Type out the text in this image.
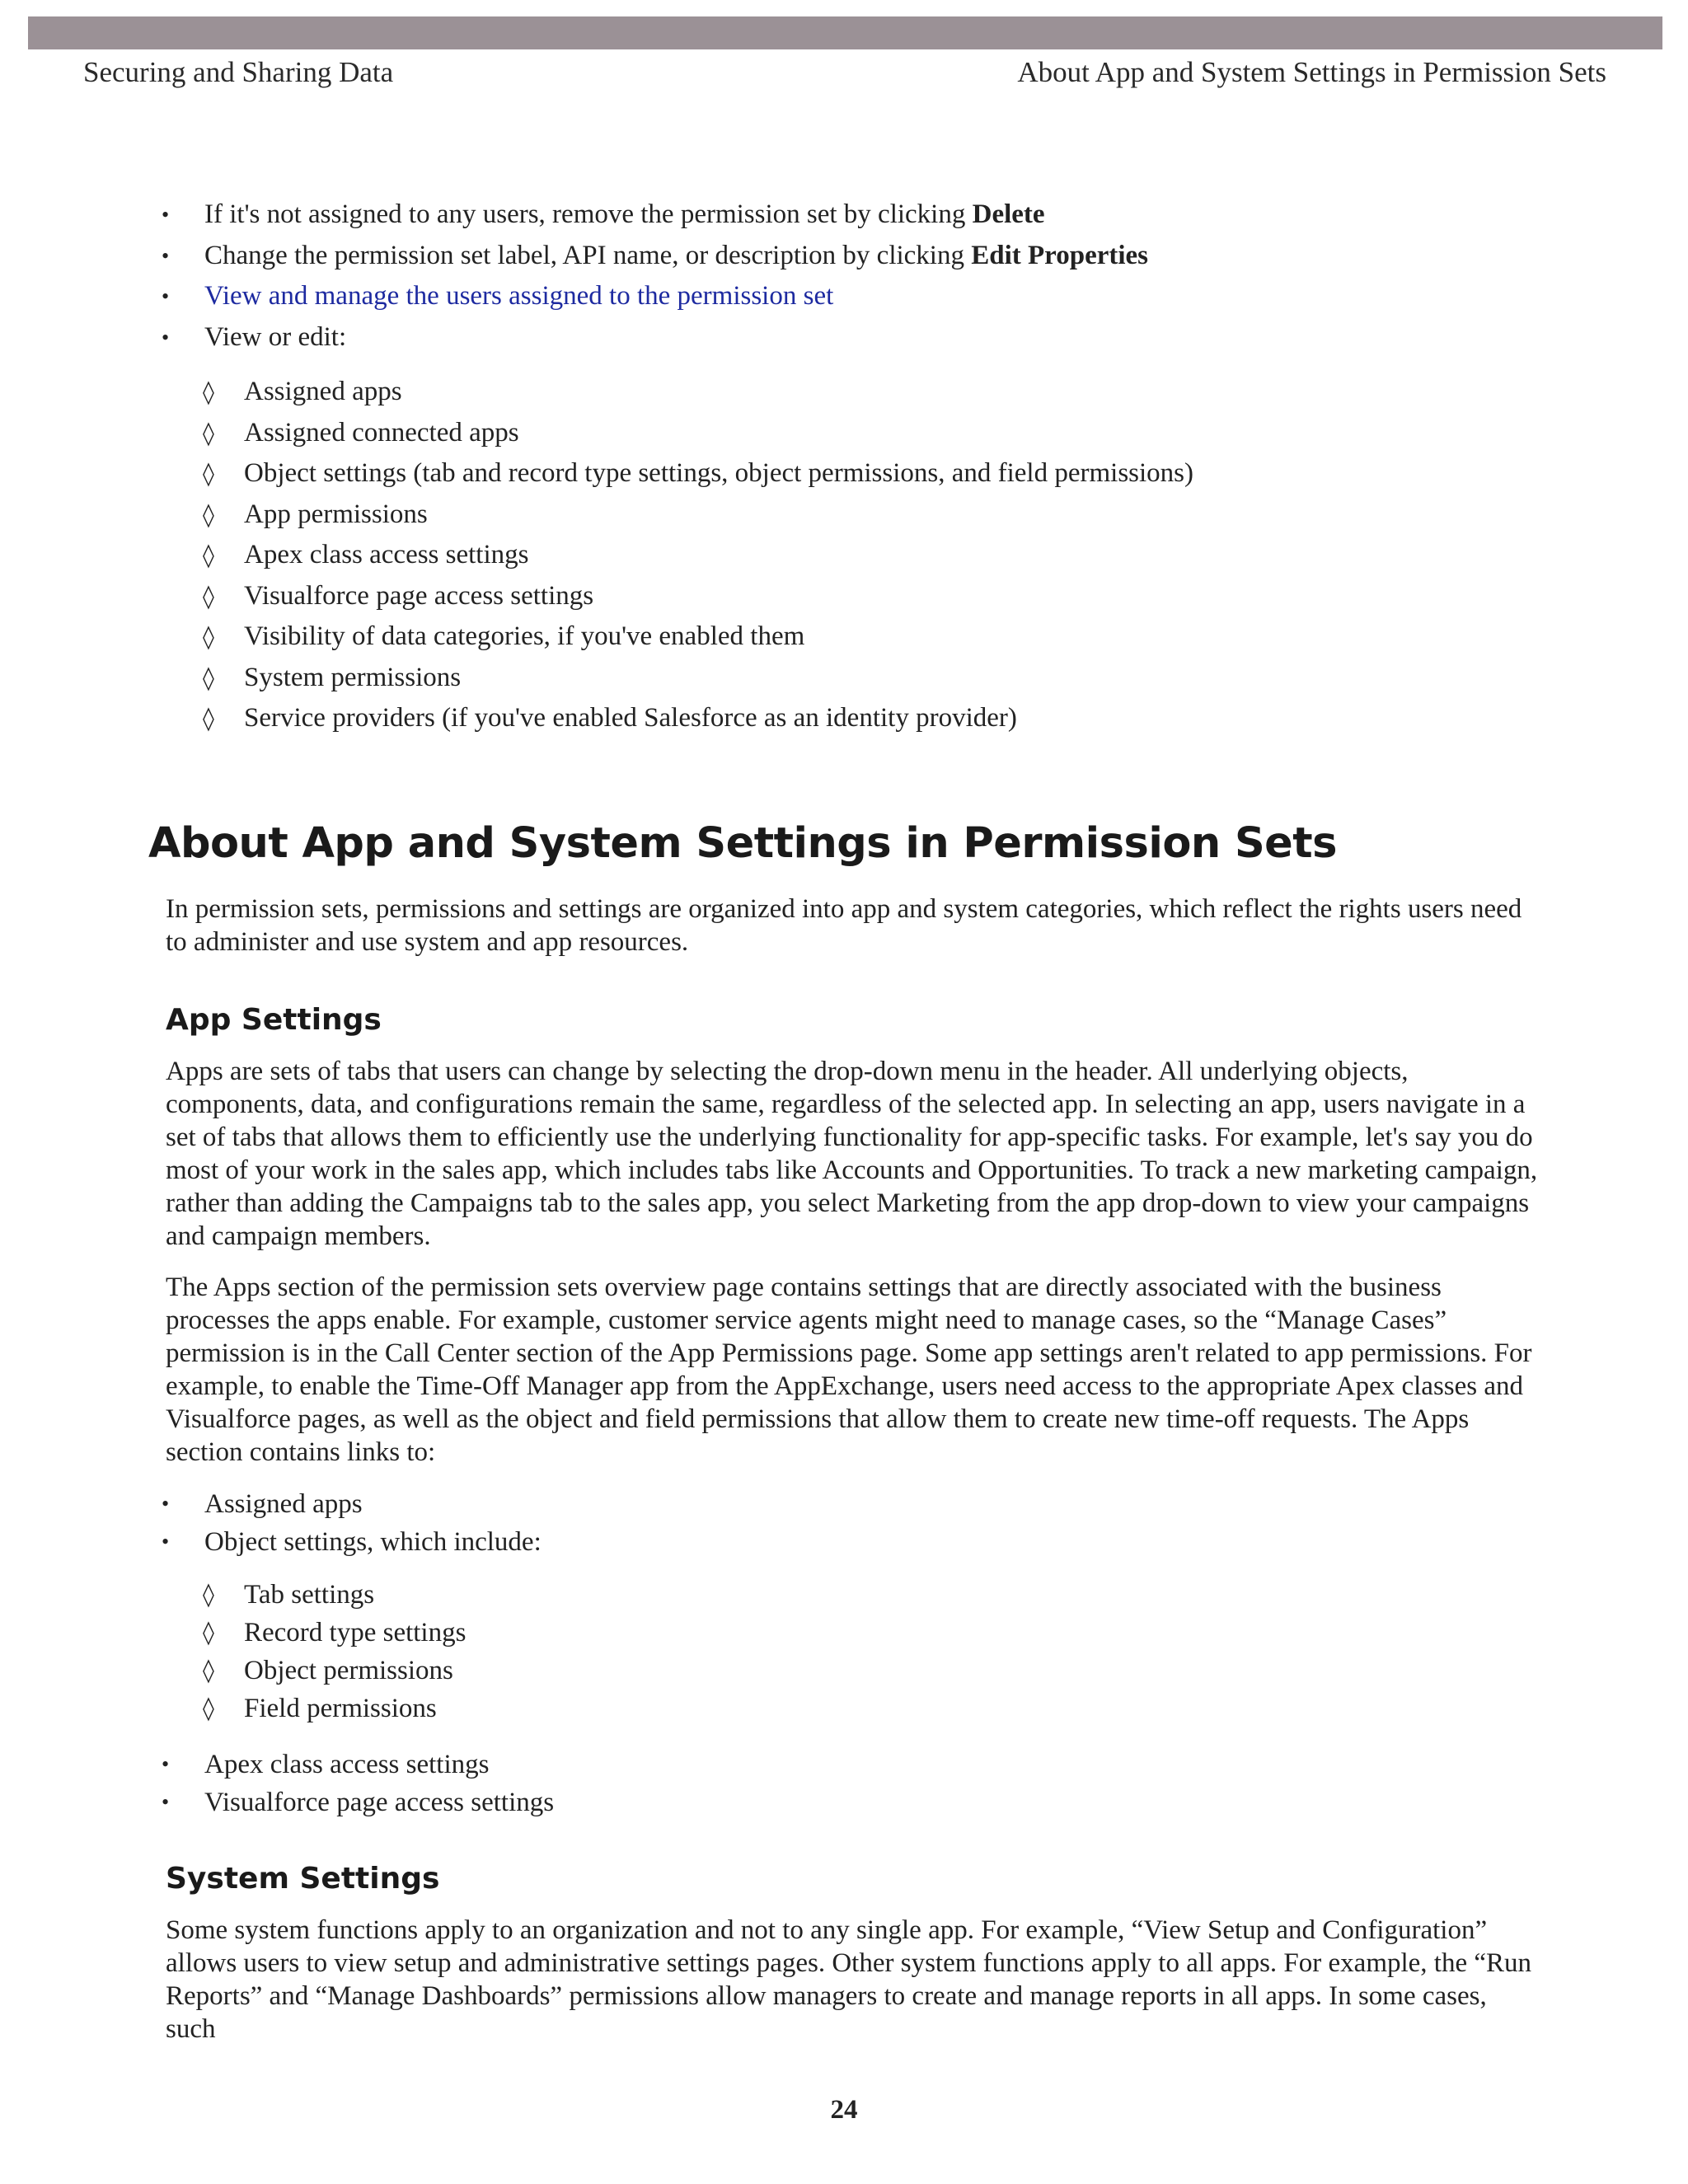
Securing and Sharing Data	About App and System Settings in Permission Sets
• If it's not assigned to any users, remove the permission set by clicking Delete
• Change the permission set label, API name, or description by clicking Edit Properties
• View and manage the users assigned to the permission set
• View or edit:
◊ Assigned apps
◊ Assigned connected apps
◊ Object settings (tab and record type settings, object permissions, and field permissions)
◊ App permissions
◊ Apex class access settings
◊ Visualforce page access settings
◊ Visibility of data categories, if you've enabled them
◊ System permissions
◊ Service providers (if you've enabled Salesforce as an identity provider)
About App and System Settings in Permission Sets

In permission sets, permissions and settings are organized into app and system categories, which reflect the rights users need to administer and use system and app resources.

App Settings

Apps are sets of tabs that users can change by selecting the drop-down menu in the header. All underlying objects, components, data, and configurations remain the same, regardless of the selected app. In selecting an app, users navigate in a set of tabs that allows them to efficiently use the underlying functionality for app-specific tasks. For example, let's say you do most of your work in the sales app, which includes tabs like Accounts and Opportunities. To track a new marketing campaign, rather than adding the Campaigns tab to the sales app, you select Marketing from the app drop-down to view your campaigns and campaign members.

The Apps section of the permission sets overview page contains settings that are directly associated with the business processes the apps enable. For example, customer service agents might need to manage cases, so the “Manage Cases” permission is in the Call Center section of the App Permissions page. Some app settings aren't related to app permissions. For example, to enable the Time-Off Manager app from the AppExchange, users need access to the appropriate Apex classes and Visualforce pages, as well as the object and field permissions that allow them to create new time-off requests. The Apps section contains links to:

• Assigned apps
• Object settings, which include:
◊ Tab settings
◊ Record type settings
◊ Object permissions
◊ Field permissions
• Apex class access settings
• Visualforce page access settings
System Settings

Some system functions apply to an organization and not to any single app. For example, “View Setup and Configuration” allows users to view setup and administrative settings pages. Other system functions apply to all apps. For example, the “Run Reports” and “Manage Dashboards” permissions allow managers to create and manage reports in all apps. In some cases, such

24
